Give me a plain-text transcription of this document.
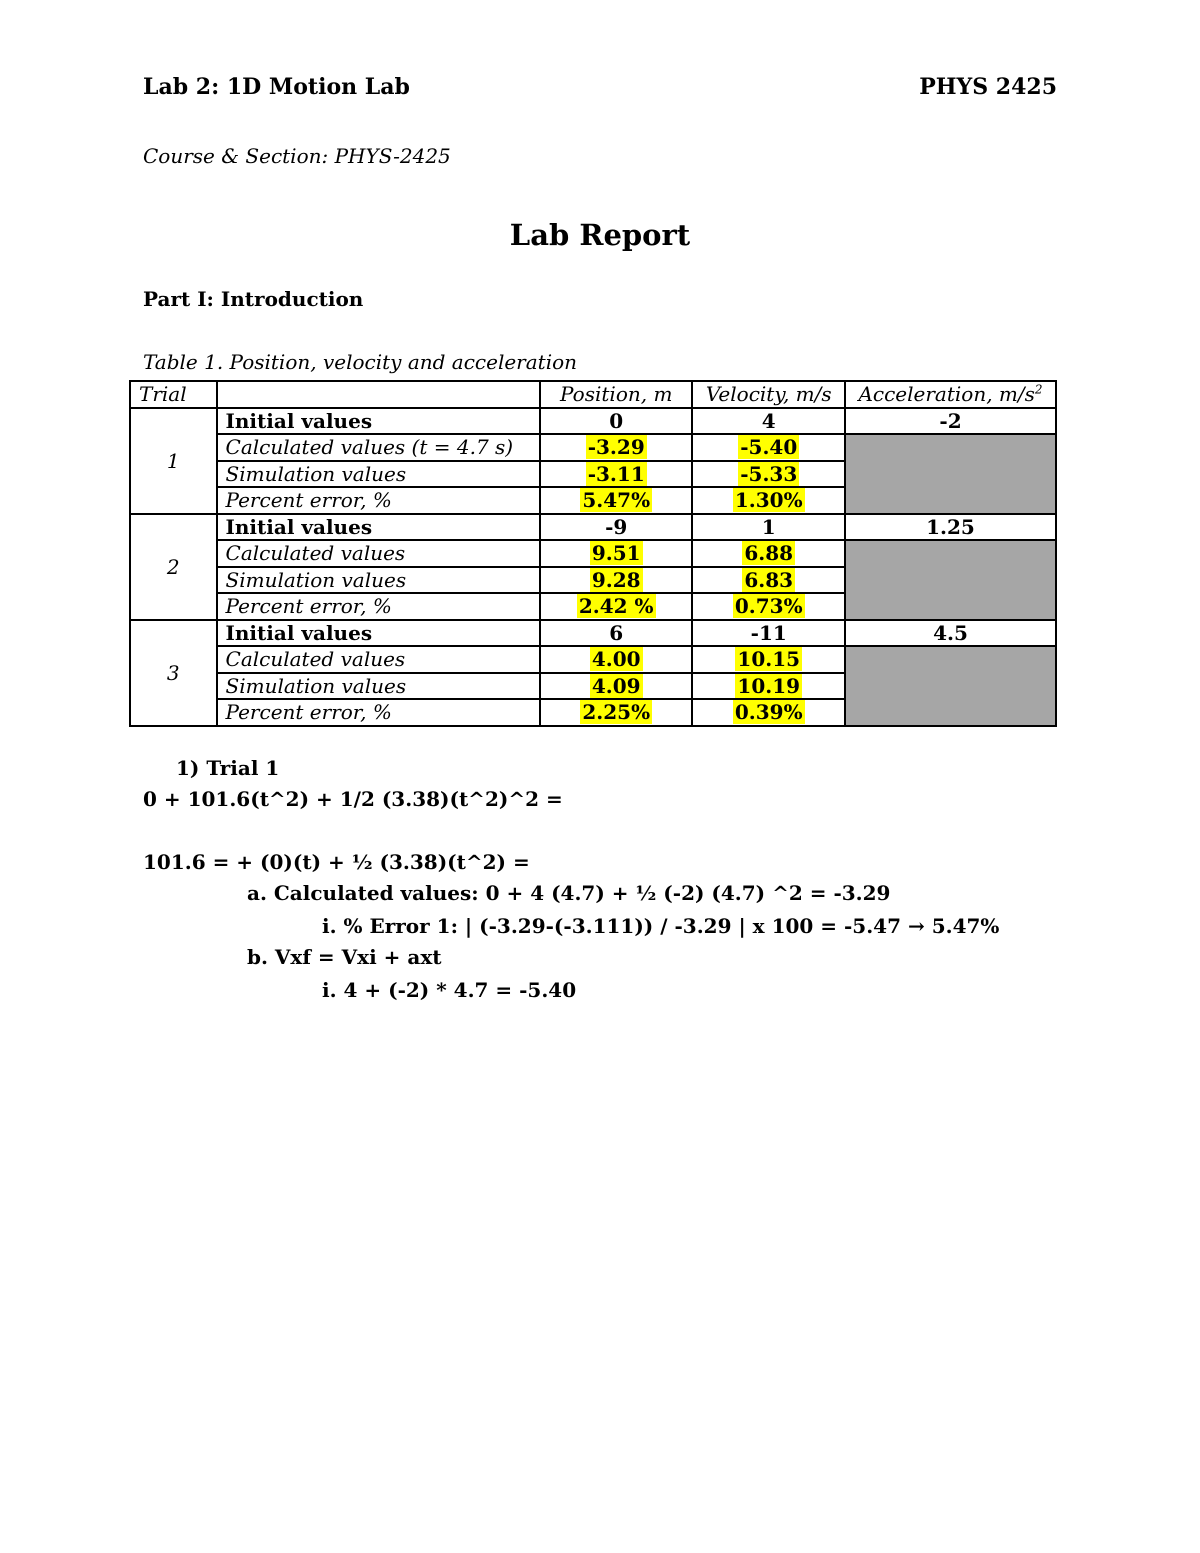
Lab 2: 1D Motion Lab	PHYS 2425
Course & Section: PHYS-2425
Lab Report
Part I: Introduction
Table 1. Position, velocity and acceleration
Trial		Position, m	Velocity, m/s	Acceleration, $m/s^2$
1	Initial values	0	4	-2
	Calculated values (t = 4.7 s)	-3.29	-5.40	
	Simulation values	-3.11	-5.33	
	Percent error, %	5.47%	1.30%	
2	Initial values	-9	1	1.25
	Calculated values	9.51	6.88	
	Simulation values	9.28	6.83	
	Percent error, %	2.42 %	0.73%	
3	Initial values	6	-11	4.5
	Calculated values	4.00	10.15	
	Simulation values	4.09	10.19	
	Percent error, %	2.25%	0.39%	
1) Trial 1
0 + 101.6(t^2) + 1/2 (3.38)(t^2)^2 =
101.6 = + (0)(t) + ½ (3.38)(t^2) =
a. Calculated values: 0 + 4 (4.7) + ½ (-2) (4.7) ^2 = -3.29
i. % Error 1: | (-3.29-(-3.111)) / -3.29 | x 100 = -5.47 → 5.47%
b. Vxf = Vxi + axt
i. 4 + (-2) * 4.7 = -5.40
